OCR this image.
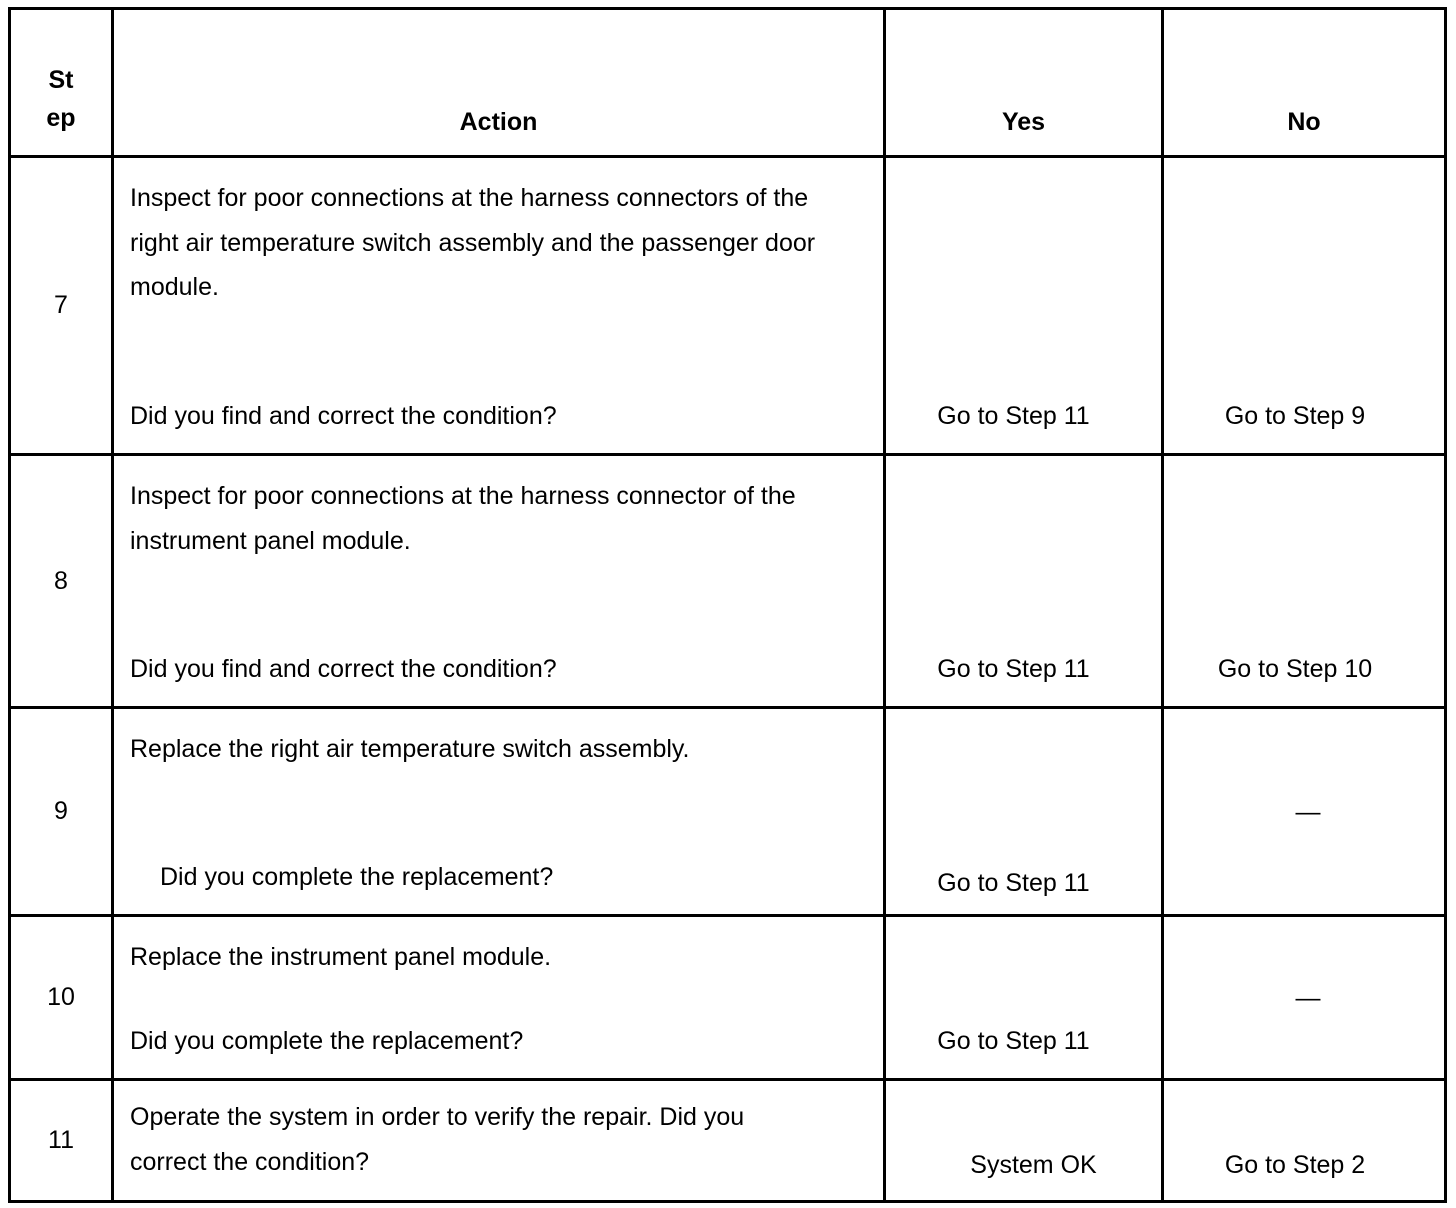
St
ep	Action	Yes	No

7	Inspect for poor connections at the harness connectors of the right air temperature switch assembly and the passenger door module.
Did you find and correct the condition?	Go to Step 11	Go to Step 9

8	Inspect for poor connections at the harness connector of the instrument panel module.
Did you find and correct the condition?	Go to Step 11	Go to Step 10

9	Replace the right air temperature switch assembly.
Did you complete the replacement?	Go to Step 11	—

10	Replace the instrument panel module.
Did you complete the replacement?	Go to Step 11	—

11	Operate the system in order to verify the repair. Did you correct the condition?	System OK	Go to Step 2
